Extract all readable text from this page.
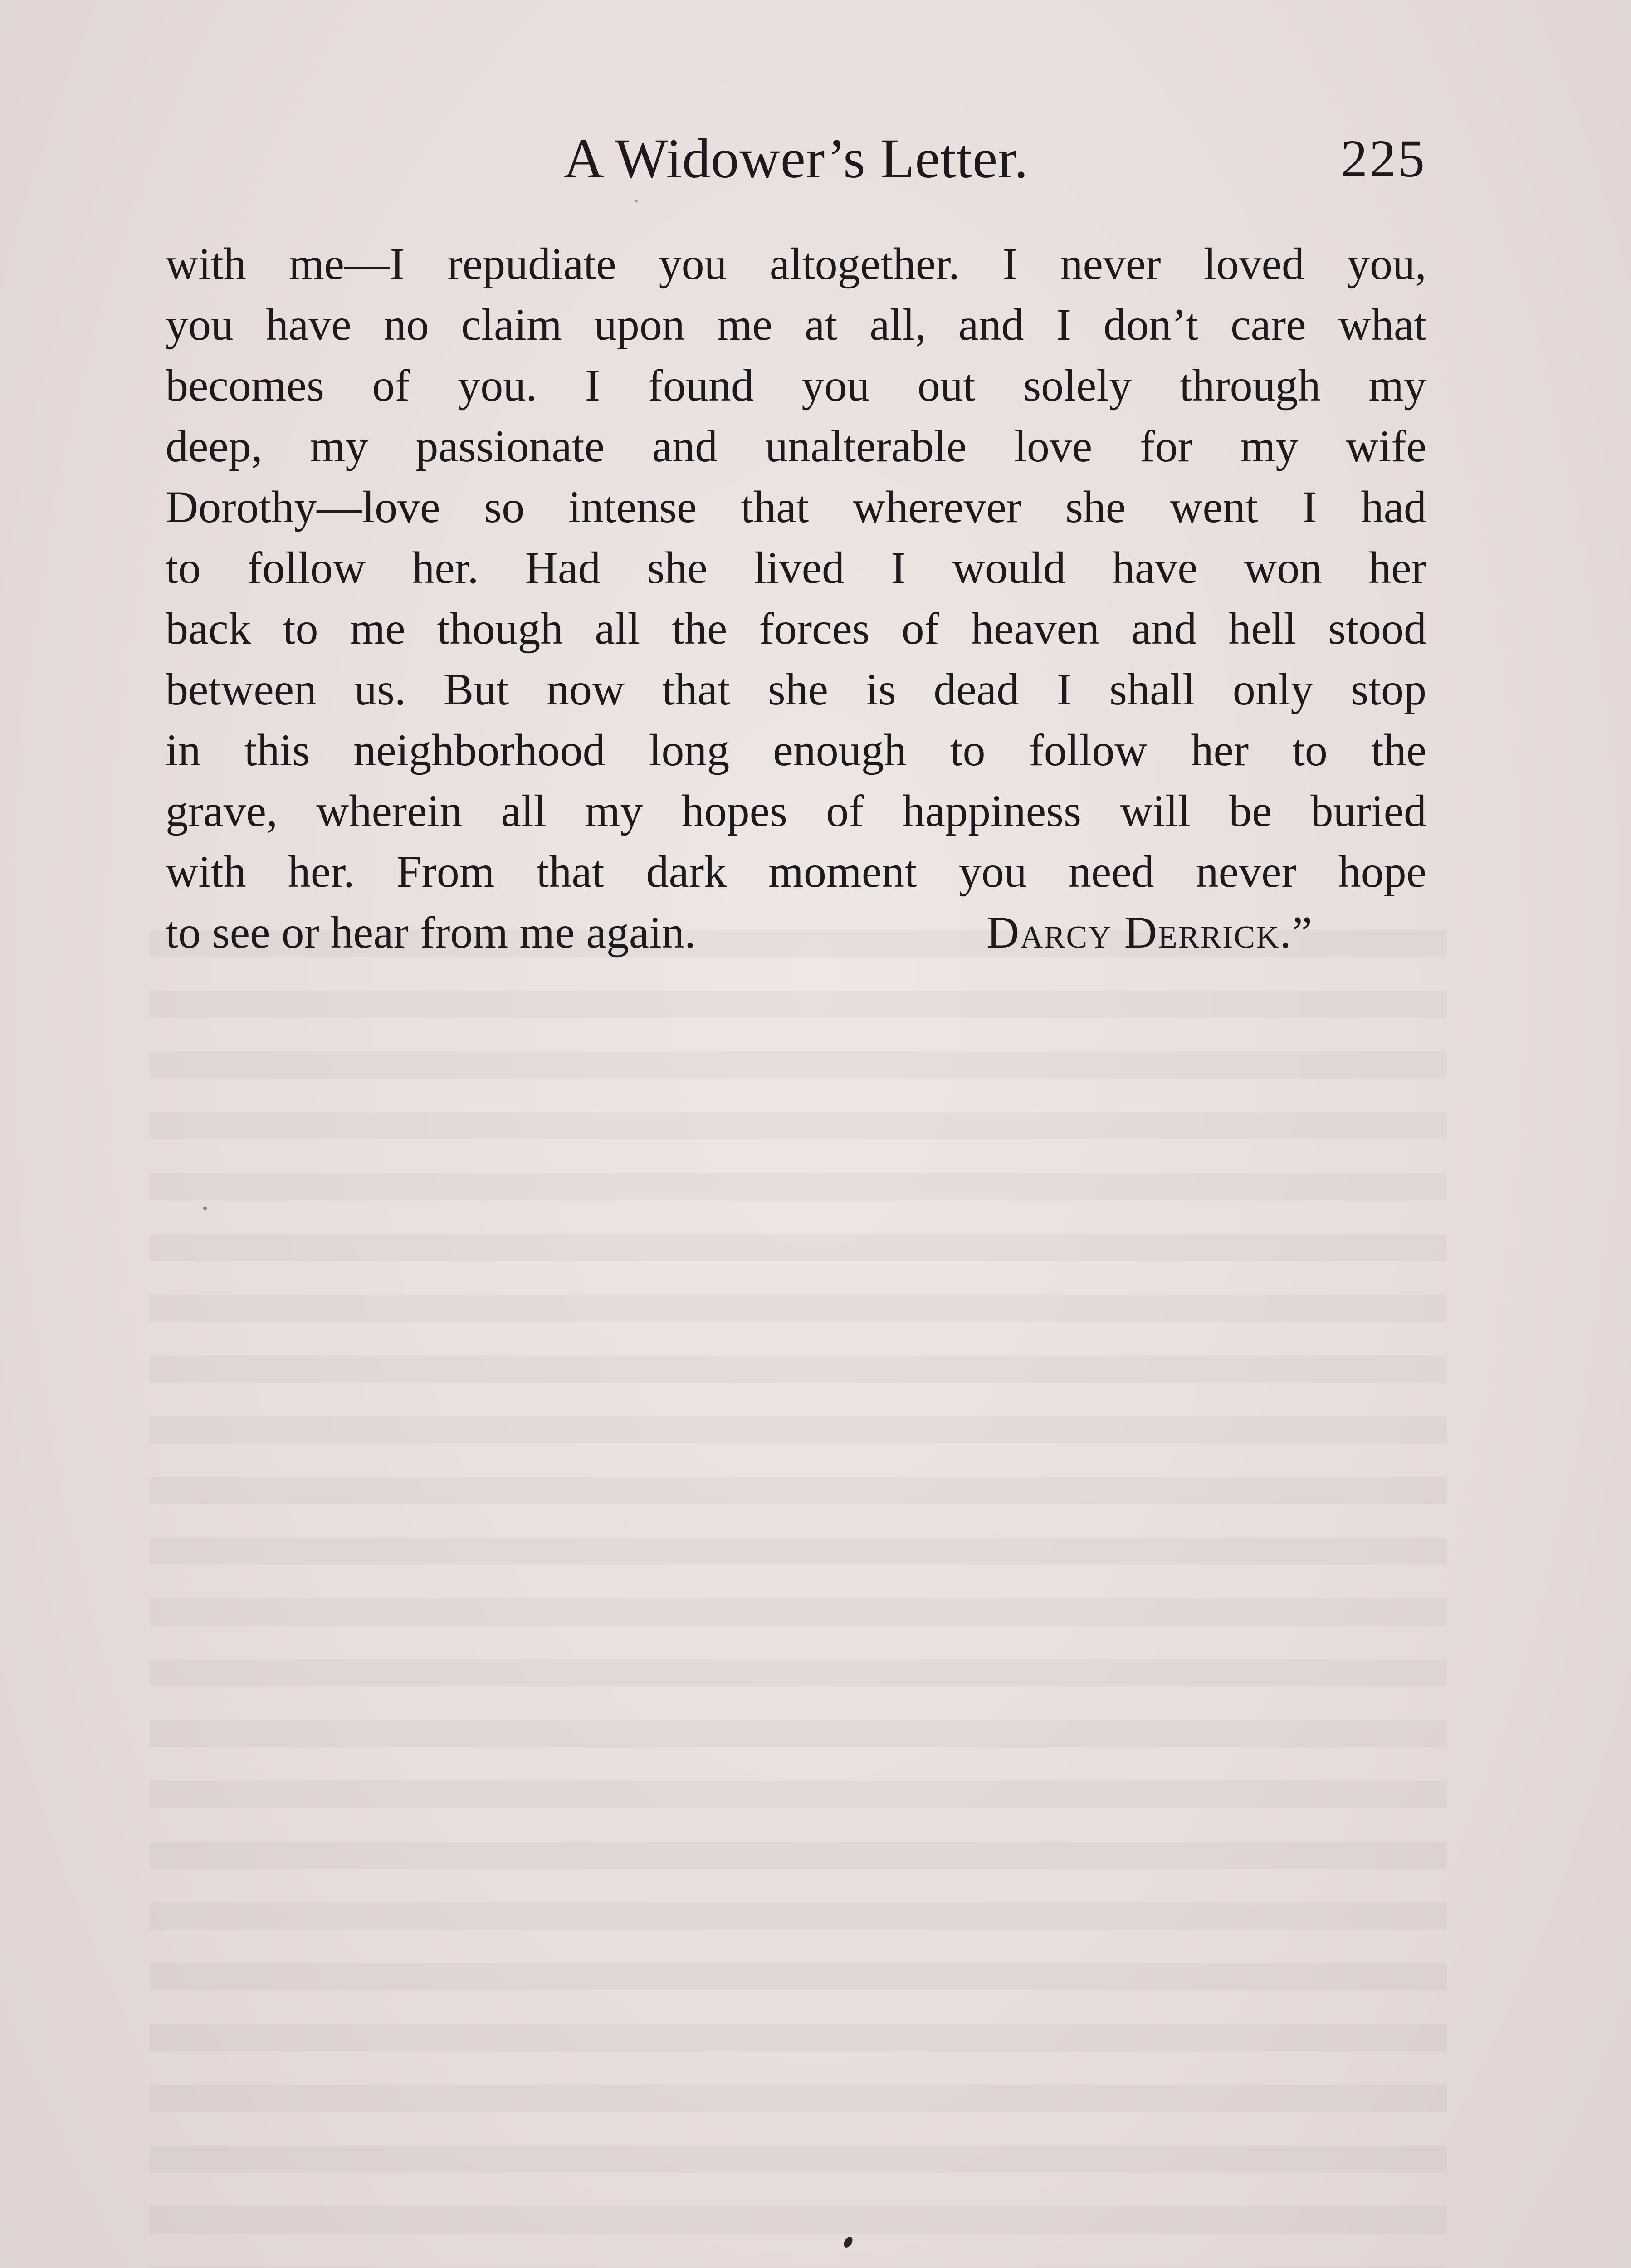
A Widower’s Letter.	225
with me—I repudiate you altogether. I never loved you,
you have no claim upon me at all, and I don’t care what
becomes of you. I found you out solely through my
deep, my passionate and unalterable love for my wife
Dorothy—love so intense that wherever she went I had
to follow her. Had she lived I would have won her
back to me though all the forces of heaven and hell stood
between us. But now that she is dead I shall only stop
in this neighborhood long enough to follow her to the
grave, wherein all my hopes of happiness will be buried
with her. From that dark moment you need never hope
to see or hear from me again.	Darcy Derrick.”
